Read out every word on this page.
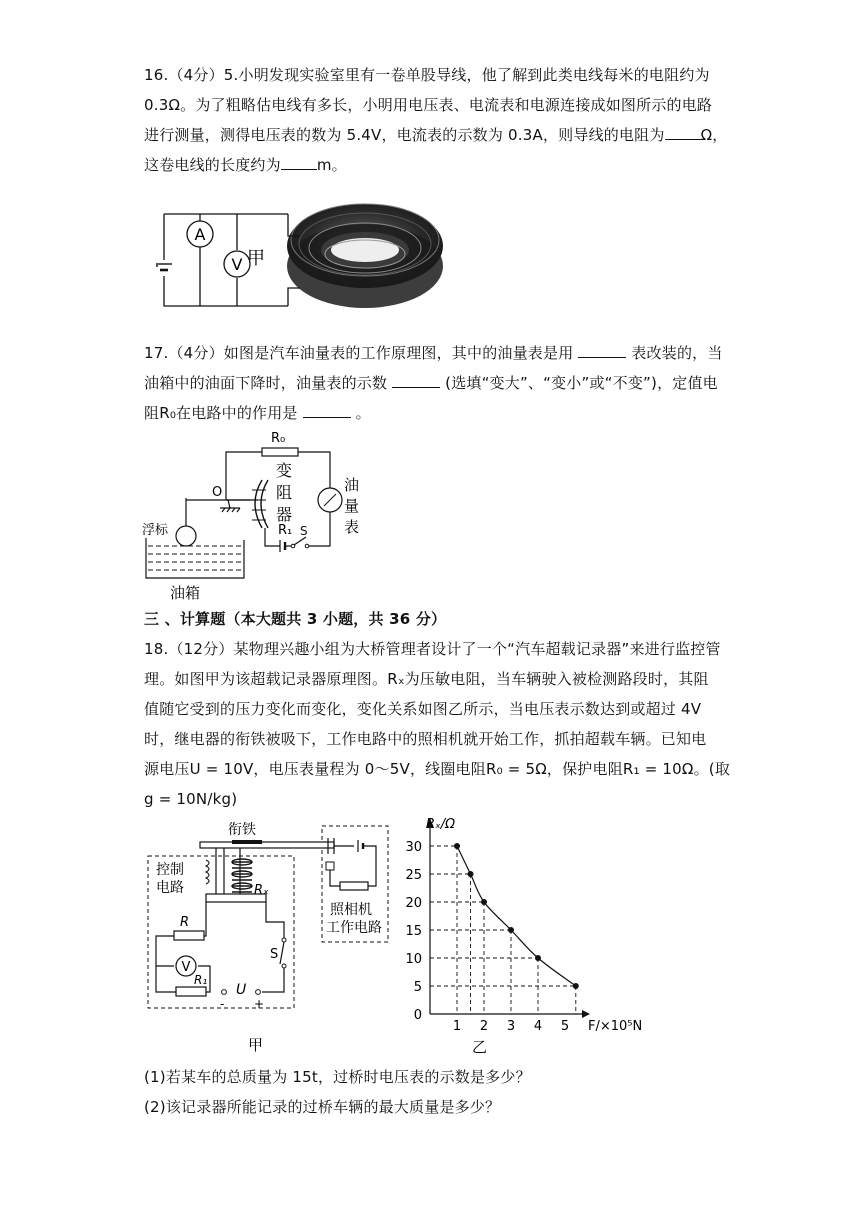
16.（4分）5.小明发现实验室里有一卷单股导线，他了解到此类电线每米的电阻约为
0.3Ω。为了粗略估电线有多长，小明用电压表、电流表和电源连接成如图所示的电路
进行测量，测得电压表的数为 5.4V，电流表的示数为 0.3A，则导线的电阻为 Ω，
这卷电线的长度约为 m。
A
V 甲
17.（4分）如图是汽车油量表的工作原理图，其中的油量表是用	表改装的，当
油箱中的油面下降时，油量表的示数	(选填“变大”、“变小”或“不变”)，定值电
阻R₀在电路中的作用是	。
R₀
O
变
阻
器
R₁ S
油
量
表
浮标
油箱
三 、计算题（本大题共 3 小题，共 36 分）
18.（12分）某物理兴趣小组为大桥管理者设计了一个“汽车超载记录器”来进行监控管
理。如图甲为该超载记录器原理图。Rₓ为压敏电阻，当车辆驶入被检测路段时，其阻
值随它受到的压力变化而变化，变化关系如图乙所示，当电压表示数达到或超过 4V
时，继电器的衔铁被吸下，工作电路中的照相机就开始工作，抓拍超载车辆。已知电
源电压U = 10V，电压表量程为 0～5V，线圈电阻R₀ = 5Ω，保护电阻R₁ = 10Ω。(取
g = 10N/kg)
衔铁
Rₓ
控制
电路
R
V
R₁
U
- +
S
照相机
工作电路
甲
Rₓ/Ω
F/×10⁵N
0
5
10
15
20
25
30
1 2 3 4 5
乙
(1)若某车的总质量为 15t，过桥时电压表的示数是多少？
(2)该记录器所能记录的过桥车辆的最大质量是多少？
